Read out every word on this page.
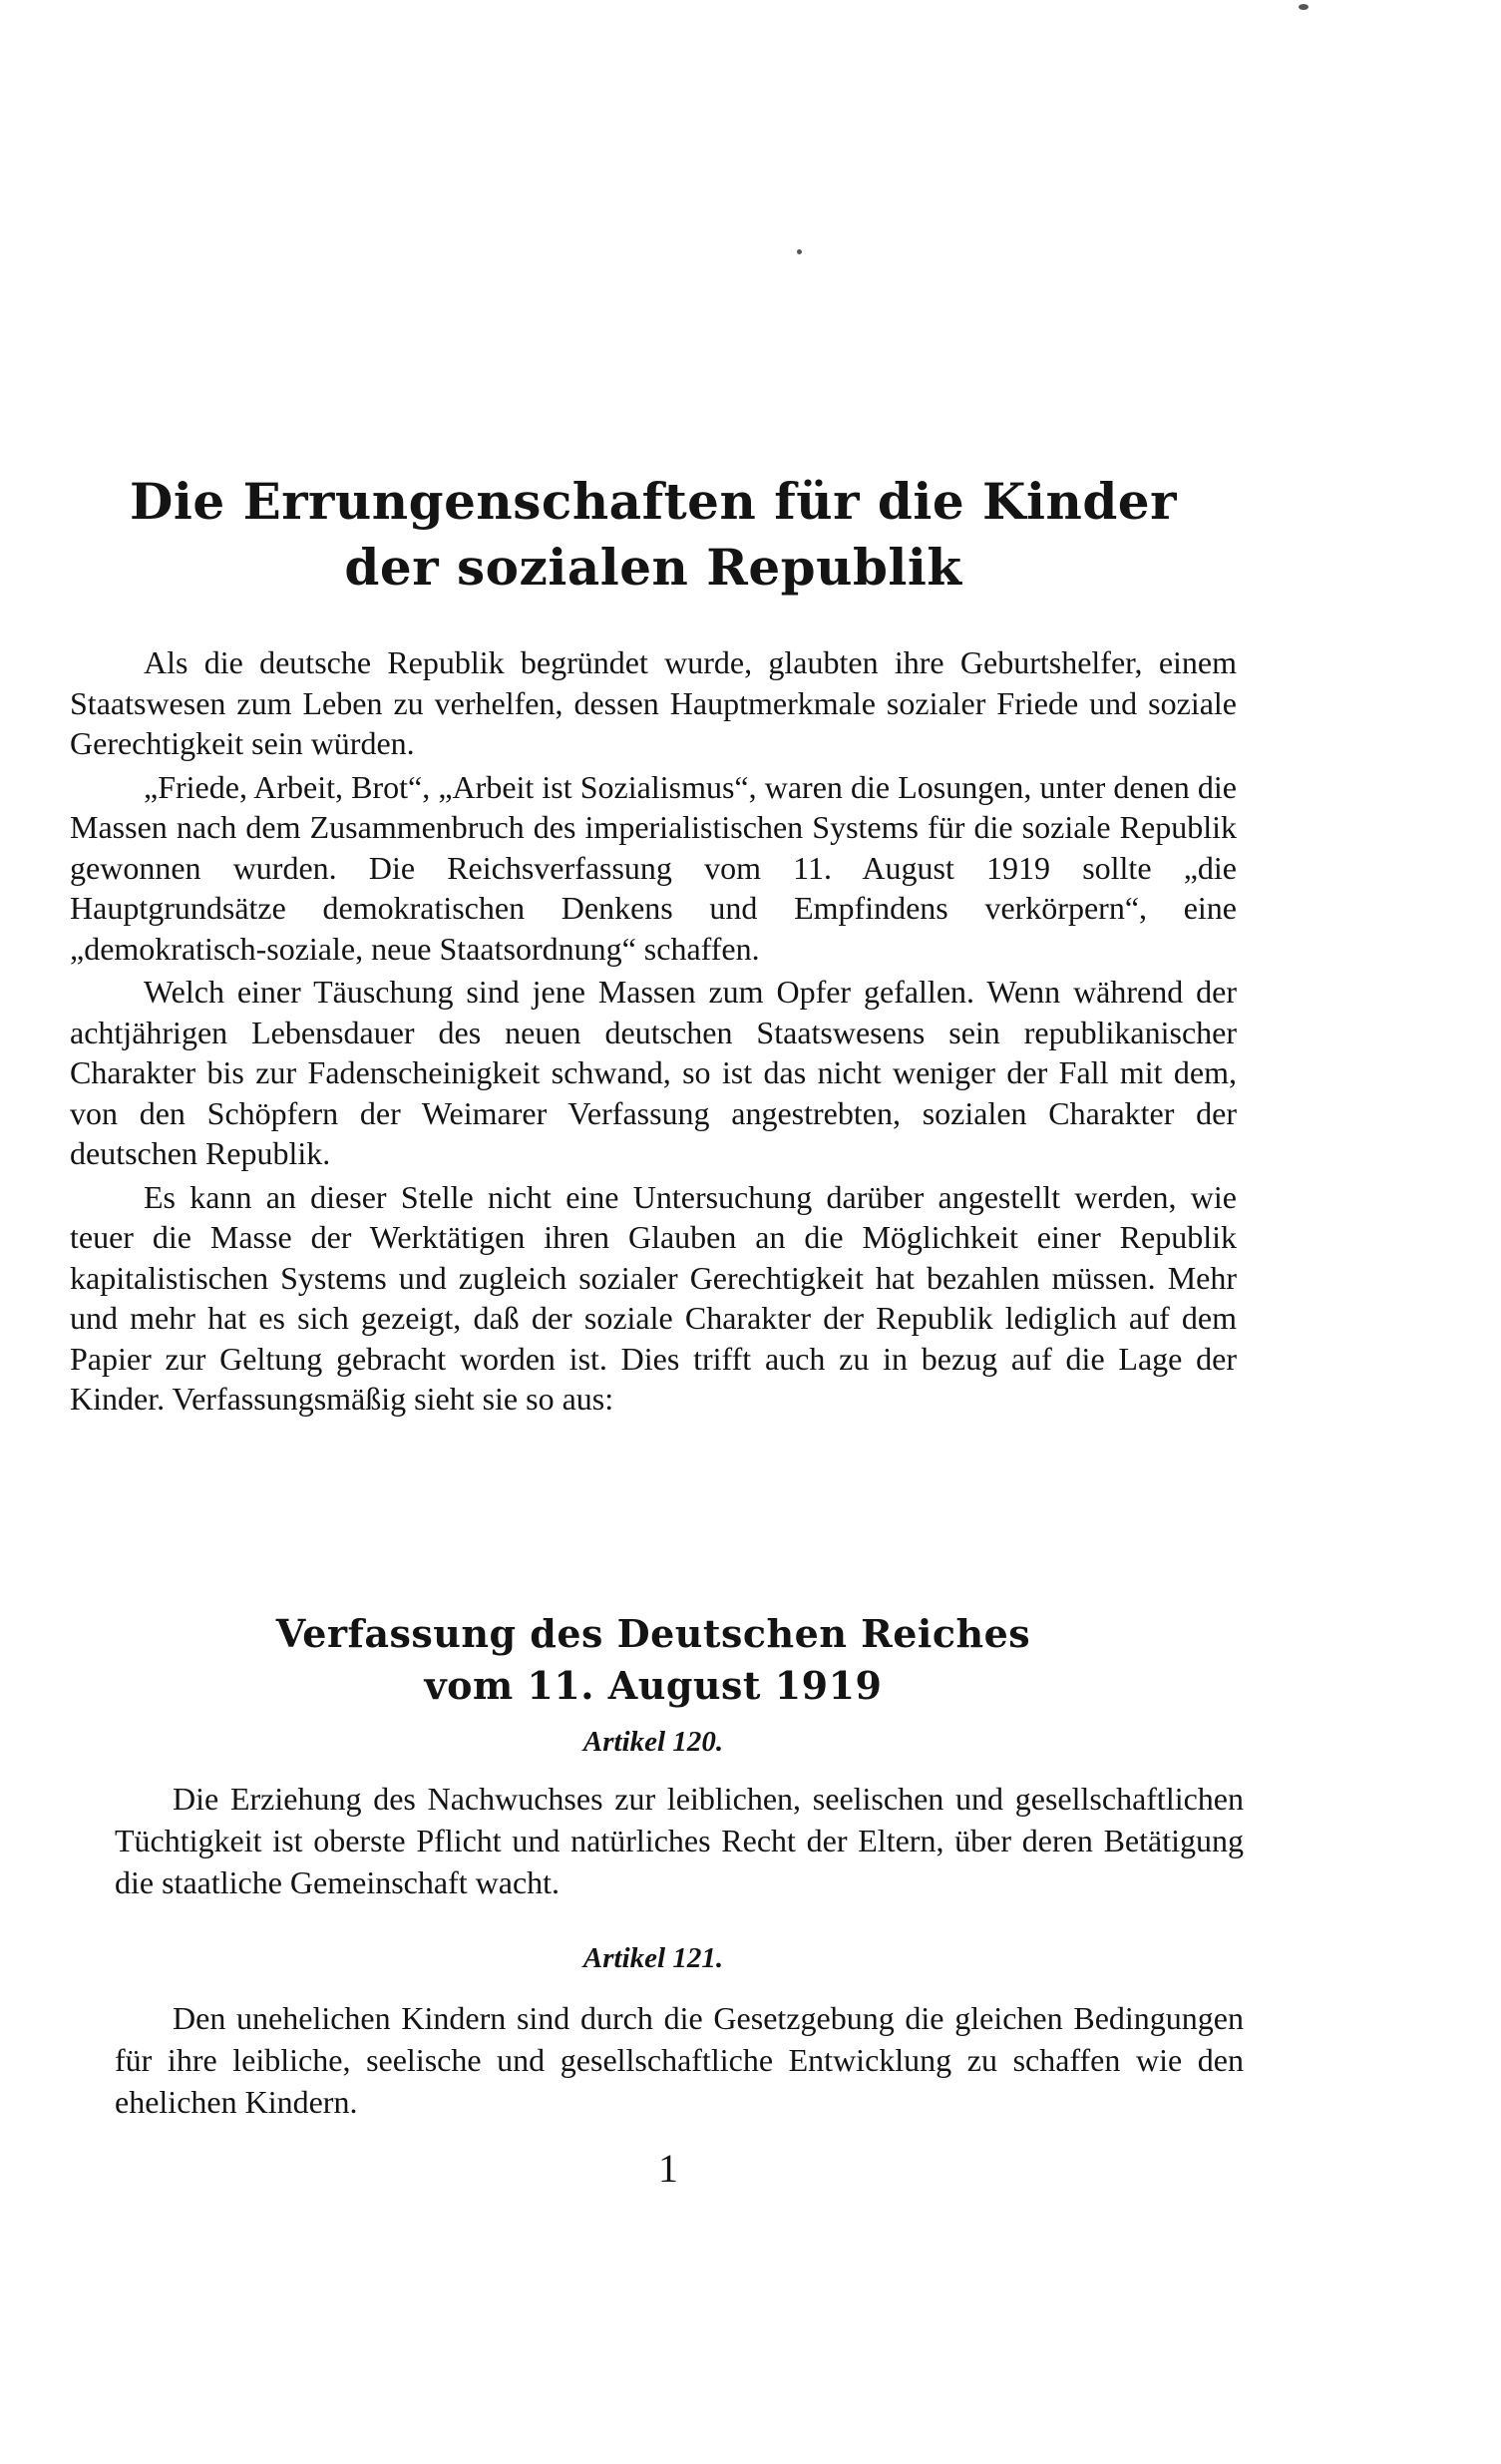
Die Errungenschaften für die Kinder
der sozialen Republik

Als die deutsche Republik begründet wurde, glaubten ihre Geburtshelfer, einem Staatswesen zum Leben zu verhelfen, dessen Hauptmerkmale sozialer Friede und soziale Gerechtigkeit sein würden.

„Friede, Arbeit, Brot“, „Arbeit ist Sozialismus“, waren die Losungen, unter denen die Massen nach dem Zusammenbruch des imperialistischen Systems für die soziale Republik gewonnen wurden. Die Reichsverfassung vom 11. August 1919 sollte „die Hauptgrundsätze demokratischen Denkens und Empfindens verkörpern“, eine „demokratisch-soziale, neue Staatsordnung“ schaffen.

Welch einer Täuschung sind jene Massen zum Opfer gefallen. Wenn während der achtjährigen Lebensdauer des neuen deutschen Staatswesens sein republikanischer Charakter bis zur Fadenscheinigkeit schwand, so ist das nicht weniger der Fall mit dem, von den Schöpfern der Weimarer Verfassung angestrebten, sozialen Charakter der deutschen Republik.

Es kann an dieser Stelle nicht eine Untersuchung darüber angestellt werden, wie teuer die Masse der Werktätigen ihren Glauben an die Möglichkeit einer Republik kapitalistischen Systems und zugleich sozialer Gerechtigkeit hat bezahlen müssen. Mehr und mehr hat es sich gezeigt, daß der soziale Charakter der Republik lediglich auf dem Papier zur Geltung gebracht worden ist. Dies trifft auch zu in bezug auf die Lage der Kinder. Verfassungsmäßig sieht sie so aus:

Verfassung des Deutschen Reiches
vom 11. August 1919
Artikel 120.

Die Erziehung des Nachwuchses zur leiblichen, seelischen und gesellschaftlichen Tüchtigkeit ist oberste Pflicht und natürliches Recht der Eltern, über deren Betätigung die staatliche Gemeinschaft wacht.

Artikel 121.

Den unehelichen Kindern sind durch die Gesetzgebung die gleichen Bedingungen für ihre leibliche, seelische und gesellschaftliche Entwicklung zu schaffen wie den ehelichen Kindern.

1
